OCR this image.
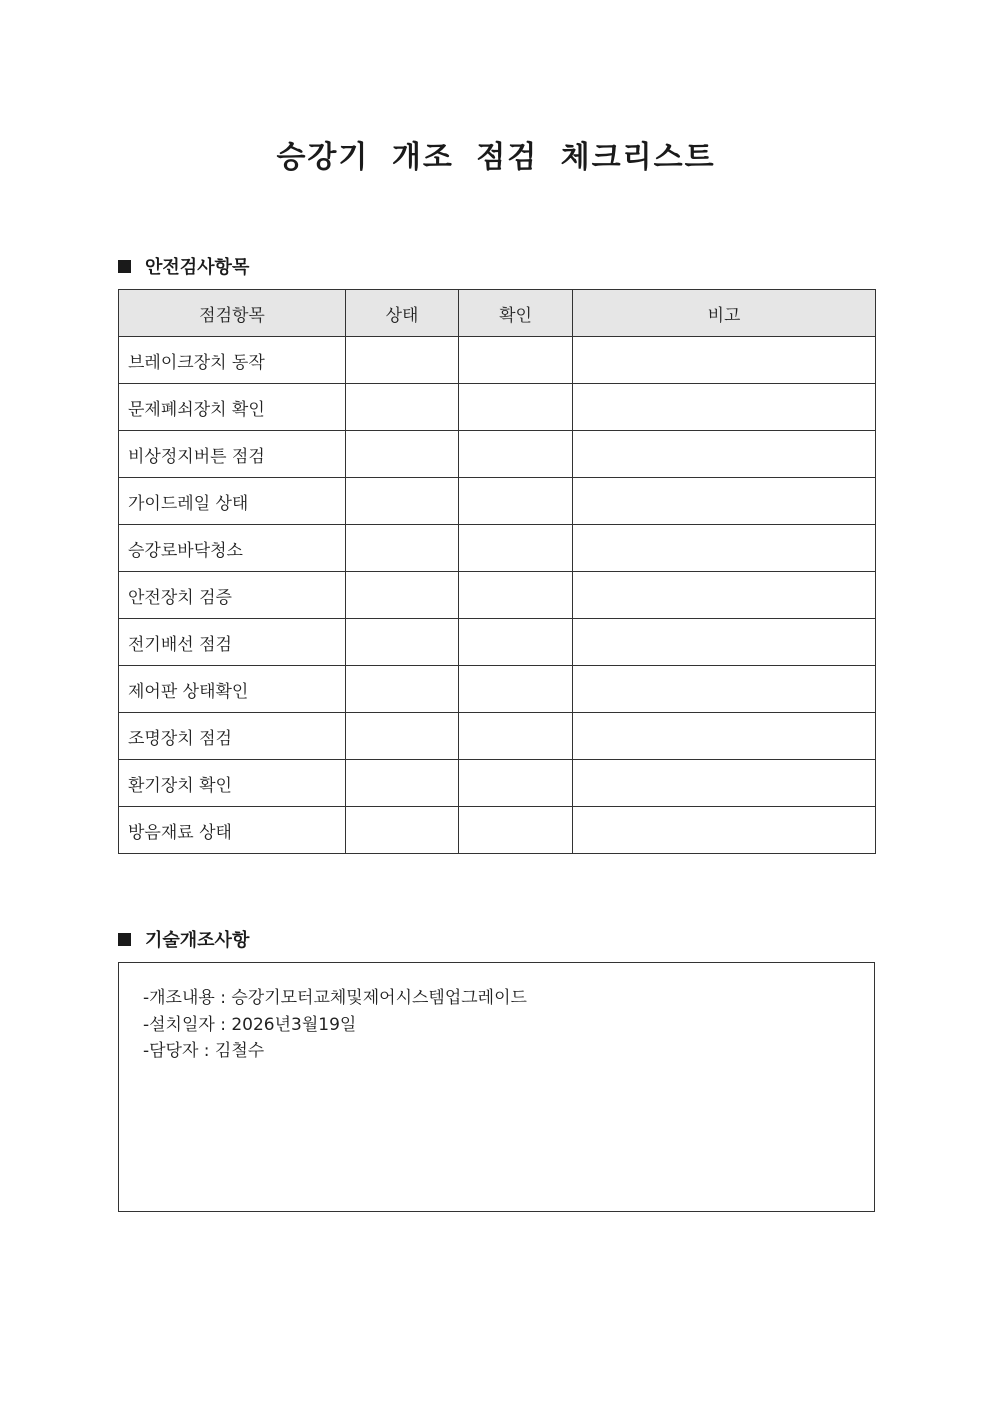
승강기 개조 점검 체크리스트
안전검사항목
점검항목	상태	확인	비고
브레이크장치 동작			
문제폐쇠장치 확인			
비상정지버튼 점검			
가이드레일 상태			
승강로바닥청소			
안전장치 검증			
전기배선 점검			
제어판 상태확인			
조명장치 점검			
환기장치 확인			
방음재료 상태			
기술개조사항
-개조내용 : 승강기모터교체및제어시스템업그레이드
-설치일자 : 2026년3월19일
-담당자 : 김철수
